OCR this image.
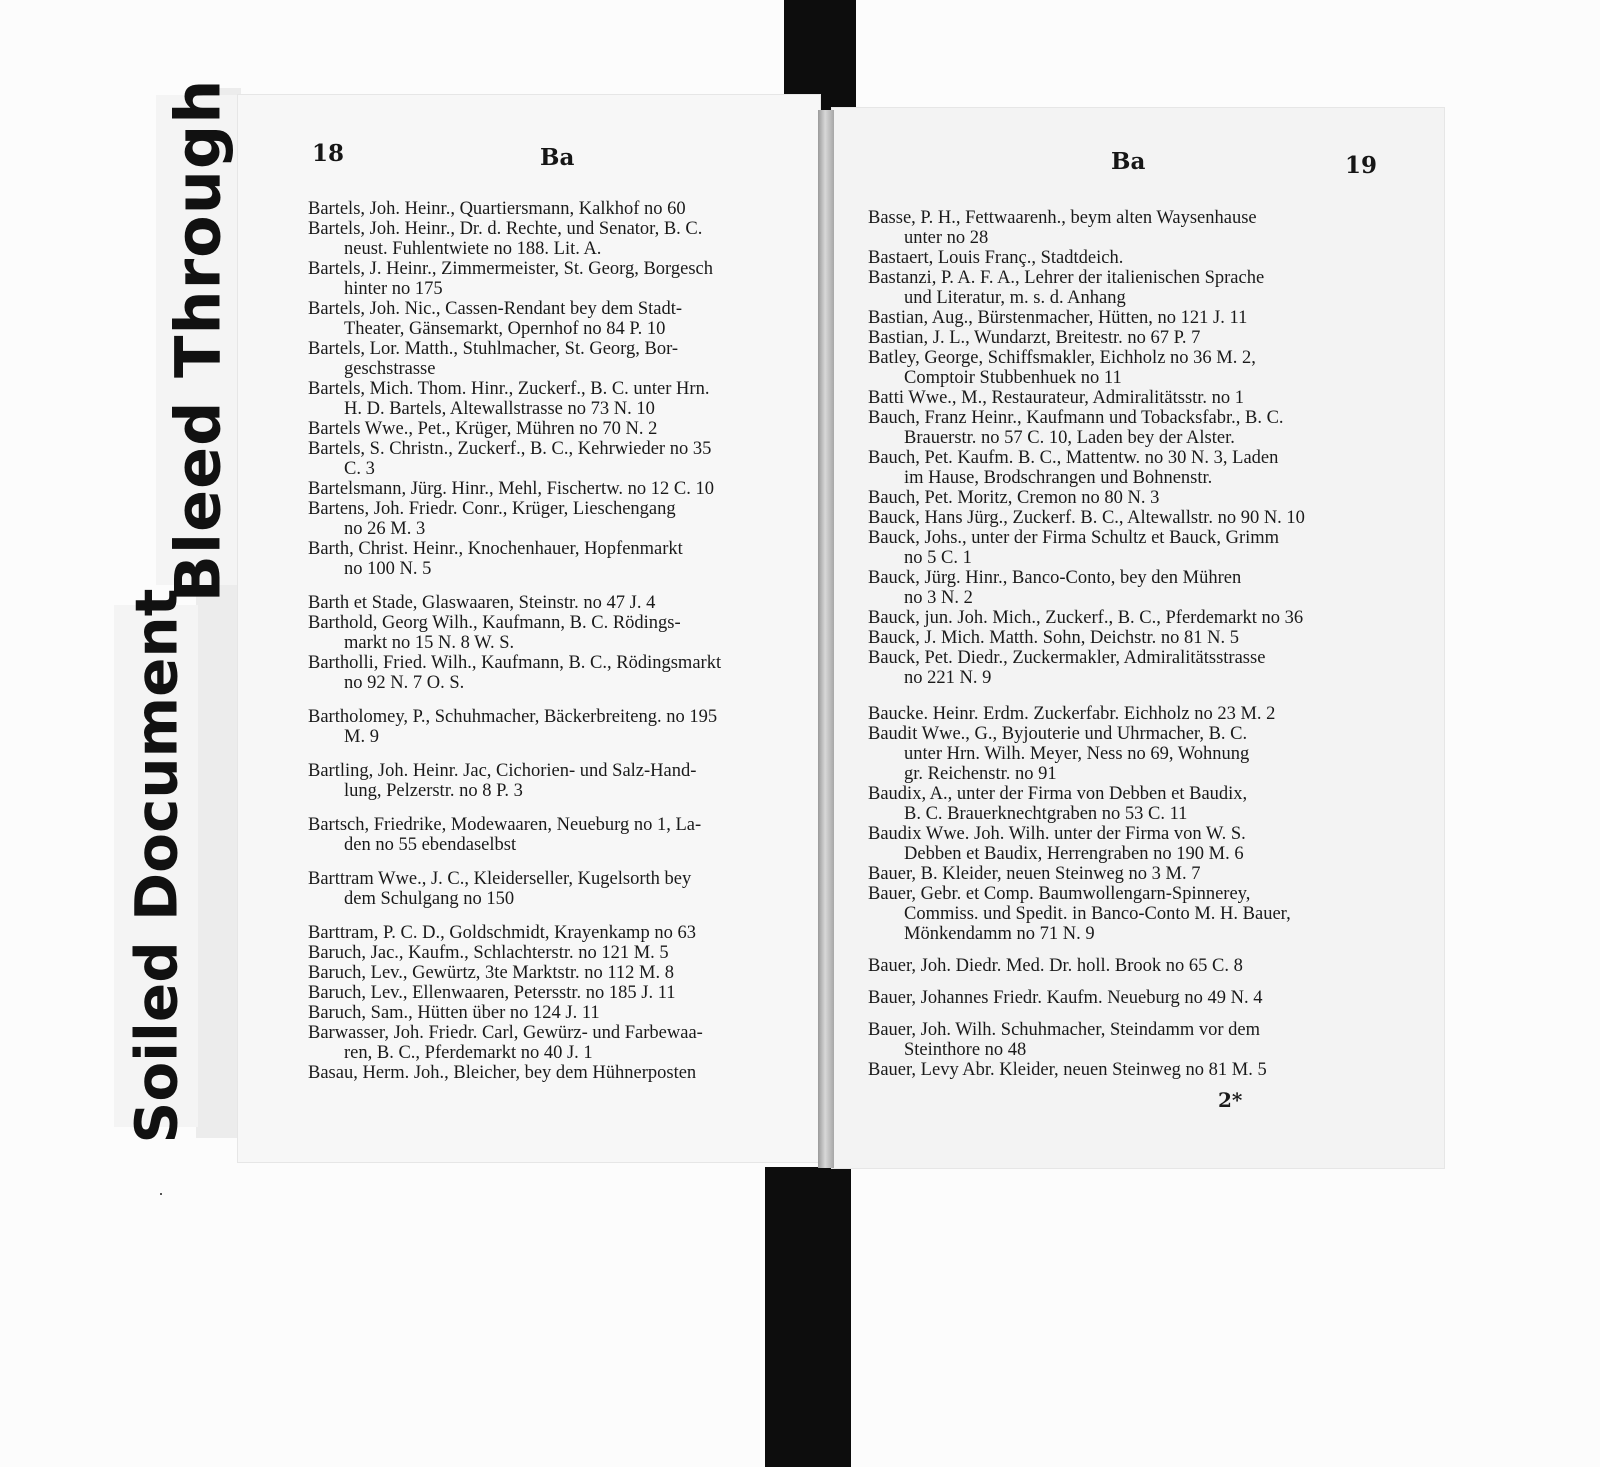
Bleed Through
Soiled Document
18	Ba	Ba	19
Bartels, Joh. Heinr., Quartiersmann, Kalkhof no 60
Bartels, Joh. Heinr., Dr. d. Rechte, und Senator, B. C.
neust. Fuhlentwiete no 188. Lit. A.
Bartels, J. Heinr., Zimmermeister, St. Georg, Borgesch
hinter no 175
Bartels, Joh. Nic., Cassen-Rendant bey dem Stadt-
Theater, Gänsemarkt, Opernhof no 84 P. 10
Bartels, Lor. Matth., Stuhlmacher, St. Georg, Bor-
geschstrasse
Bartels, Mich. Thom. Hinr., Zuckerf., B. C. unter Hrn.
H. D. Bartels, Altewallstrasse no 73 N. 10
Bartels Wwe., Pet., Krüger, Mühren no 70 N. 2
Bartels, S. Christn., Zuckerf., B. C., Kehrwieder no 35
C. 3
Bartelsmann, Jürg. Hinr., Mehl, Fischertw. no 12 C. 10
Bartens, Joh. Friedr. Conr., Krüger, Lieschengang
no 26 M. 3
Barth, Christ. Heinr., Knochenhauer, Hopfenmarkt
no 100 N. 5
Barth et Stade, Glaswaaren, Steinstr. no 47 J. 4
Barthold, Georg Wilh., Kaufmann, B. C. Rödings-
markt no 15 N. 8 W. S.
Bartholli, Fried. Wilh., Kaufmann, B. C., Rödingsmarkt
no 92 N. 7 O. S.
Bartholomey, P., Schuhmacher, Bäckerbreiteng. no 195
M. 9
Bartling, Joh. Heinr. Jac, Cichorien- und Salz-Hand-
lung, Pelzerstr. no 8 P. 3
Bartsch, Friedrike, Modewaaren, Neueburg no 1, La-
den no 55 ebendaselbst
Barttram Wwe., J. C., Kleiderseller, Kugelsorth bey
dem Schulgang no 150
Barttram, P. C. D., Goldschmidt, Krayenkamp no 63
Baruch, Jac., Kaufm., Schlachterstr. no 121 M. 5
Baruch, Lev., Gewürtz, 3te Marktstr. no 112 M. 8
Baruch, Lev., Ellenwaaren, Petersstr. no 185 J. 11
Baruch, Sam., Hütten über no 124 J. 11
Barwasser, Joh. Friedr. Carl, Gewürz- und Farbewaa-
ren, B. C., Pferdemarkt no 40 J. 1
Basau, Herm. Joh., Bleicher, bey dem Hühnerposten
Basse, P. H., Fettwaarenh., beym alten Waysenhause
unter no 28
Bastaert, Louis Franç., Stadtdeich.
Bastanzi, P. A. F. A., Lehrer der italienischen Sprache
und Literatur, m. s. d. Anhang
Bastian, Aug., Bürstenmacher, Hütten, no 121 J. 11
Bastian, J. L., Wundarzt, Breitestr. no 67 P. 7
Batley, George, Schiffsmakler, Eichholz no 36 M. 2,
Comptoir Stubbenhuek no 11
Batti Wwe., M., Restaurateur, Admiralitätsstr. no 1
Bauch, Franz Heinr., Kaufmann und Tobacksfabr., B. C.
Brauerstr. no 57 C. 10, Laden bey der Alster.
Bauch, Pet. Kaufm. B. C., Mattentw. no 30 N. 3, Laden
im Hause, Brodschrangen und Bohnenstr.
Bauch, Pet. Moritz, Cremon no 80 N. 3
Bauck, Hans Jürg., Zuckerf. B. C., Altewallstr. no 90 N. 10
Bauck, Johs., unter der Firma Schultz et Bauck, Grimm
no 5 C. 1
Bauck, Jürg. Hinr., Banco-Conto, bey den Mühren
no 3 N. 2
Bauck, jun. Joh. Mich., Zuckerf., B. C., Pferdemarkt no 36
Bauck, J. Mich. Matth. Sohn, Deichstr. no 81 N. 5
Bauck, Pet. Diedr., Zuckermakler, Admiralitätsstrasse
no 221 N. 9
Baucke. Heinr. Erdm. Zuckerfabr. Eichholz no 23 M. 2
Baudit Wwe., G., Byjouterie und Uhrmacher, B. C.
unter Hrn. Wilh. Meyer, Ness no 69, Wohnung
gr. Reichenstr. no 91
Baudix, A., unter der Firma von Debben et Baudix,
B. C. Brauerknechtgraben no 53 C. 11
Baudix Wwe. Joh. Wilh. unter der Firma von W. S.
Debben et Baudix, Herrengraben no 190 M. 6
Bauer, B. Kleider, neuen Steinweg no 3 M. 7
Bauer, Gebr. et Comp. Baumwollengarn-Spinnerey,
Commiss. und Spedit. in Banco-Conto M. H. Bauer,
Mönkendamm no 71 N. 9
Bauer, Joh. Diedr. Med. Dr. holl. Brook no 65 C. 8
Bauer, Johannes Friedr. Kaufm. Neueburg no 49 N. 4
Bauer, Joh. Wilh. Schuhmacher, Steindamm vor dem
Steinthore no 48
Bauer, Levy Abr. Kleider, neuen Steinweg no 81 M. 5
2*
